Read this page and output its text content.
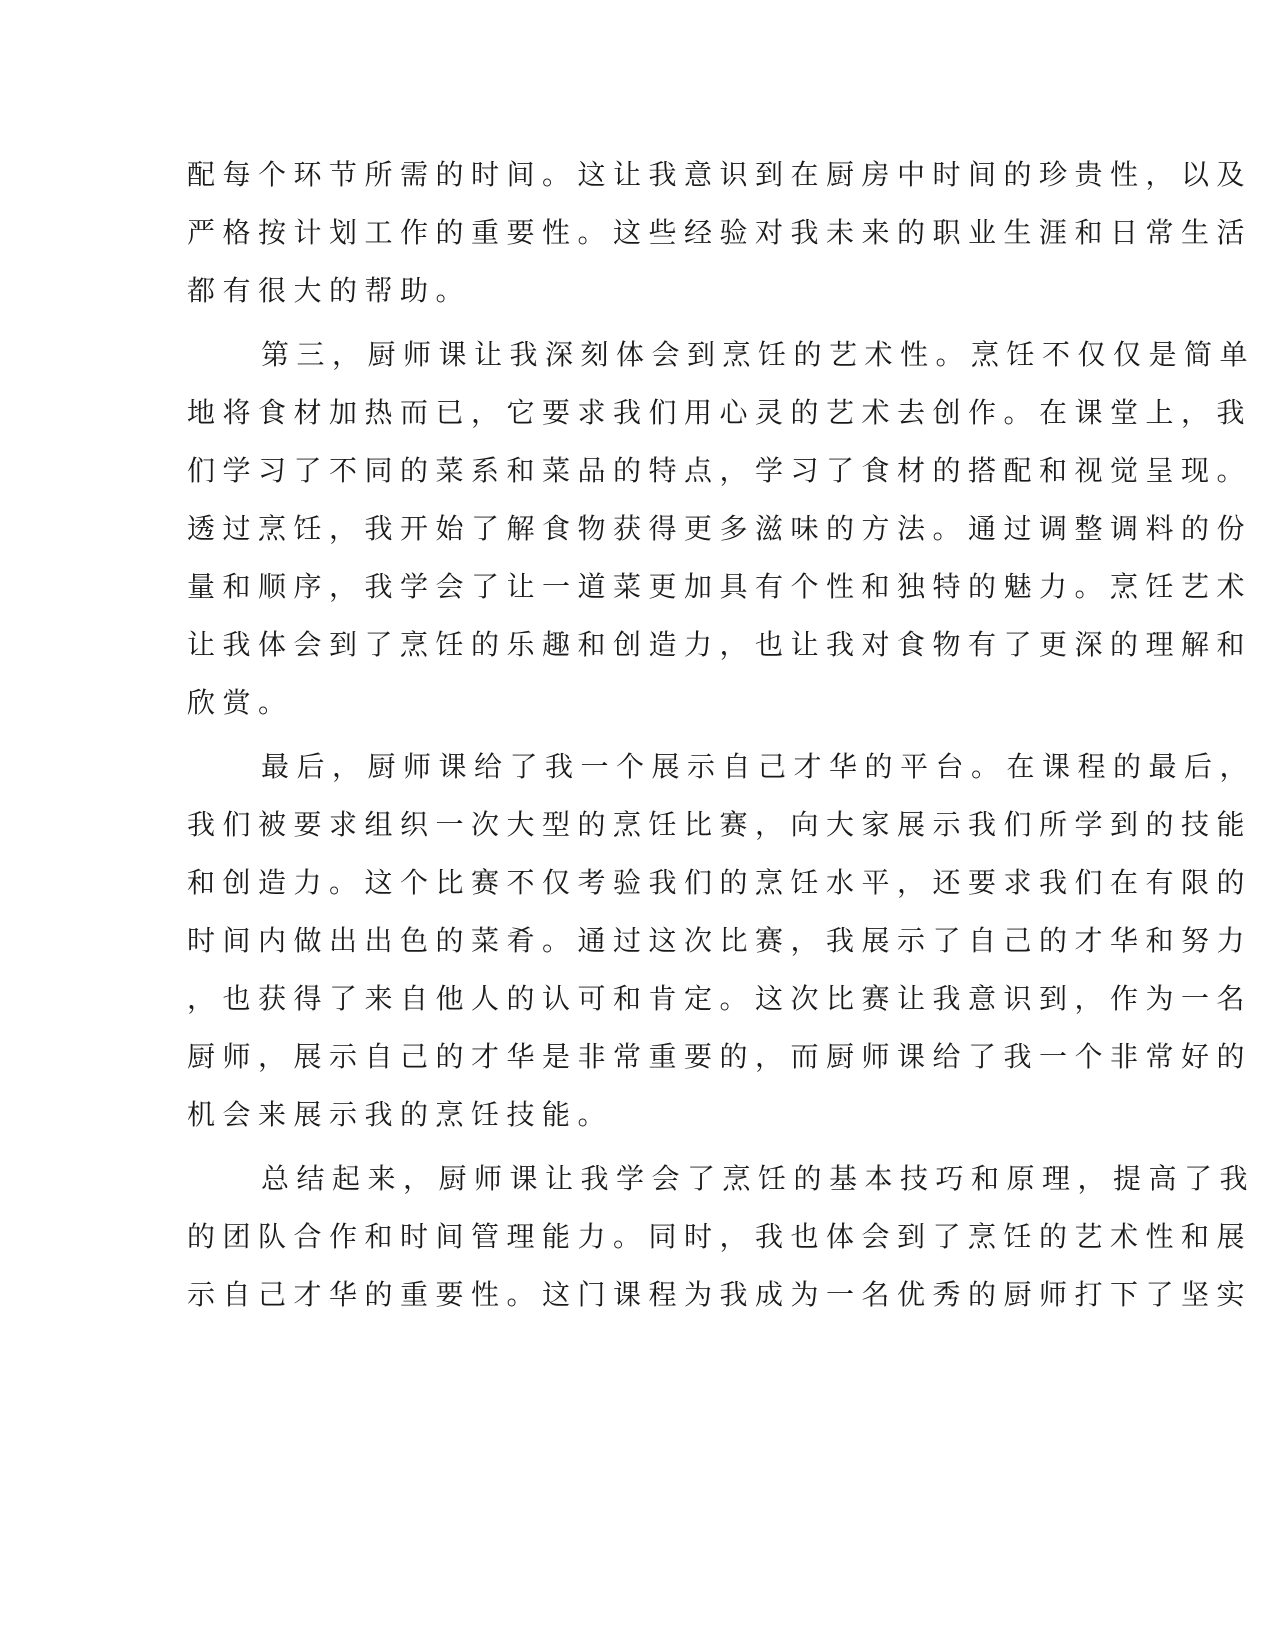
配每个环节所需的时间。这让我意识到在厨房中时间的珍贵性，以及
严格按计划工作的重要性。这些经验对我未来的职业生涯和日常生活
都有很大的帮助。
第三，厨师课让我深刻体会到烹饪的艺术性。烹饪不仅仅是简单
地将食材加热而已，它要求我们用心灵的艺术去创作。在课堂上，我
们学习了不同的菜系和菜品的特点，学习了食材的搭配和视觉呈现。
透过烹饪，我开始了解食物获得更多滋味的方法。通过调整调料的份
量和顺序，我学会了让一道菜更加具有个性和独特的魅力。烹饪艺术
让我体会到了烹饪的乐趣和创造力，也让我对食物有了更深的理解和
欣赏。
最后，厨师课给了我一个展示自己才华的平台。在课程的最后，
我们被要求组织一次大型的烹饪比赛，向大家展示我们所学到的技能
和创造力。这个比赛不仅考验我们的烹饪水平，还要求我们在有限的
时间内做出出色的菜肴。通过这次比赛，我展示了自己的才华和努力
，也获得了来自他人的认可和肯定。这次比赛让我意识到，作为一名
厨师，展示自己的才华是非常重要的，而厨师课给了我一个非常好的
机会来展示我的烹饪技能。
总结起来，厨师课让我学会了烹饪的基本技巧和原理，提高了我
的团队合作和时间管理能力。同时，我也体会到了烹饪的艺术性和展
示自己才华的重要性。这门课程为我成为一名优秀的厨师打下了坚实
